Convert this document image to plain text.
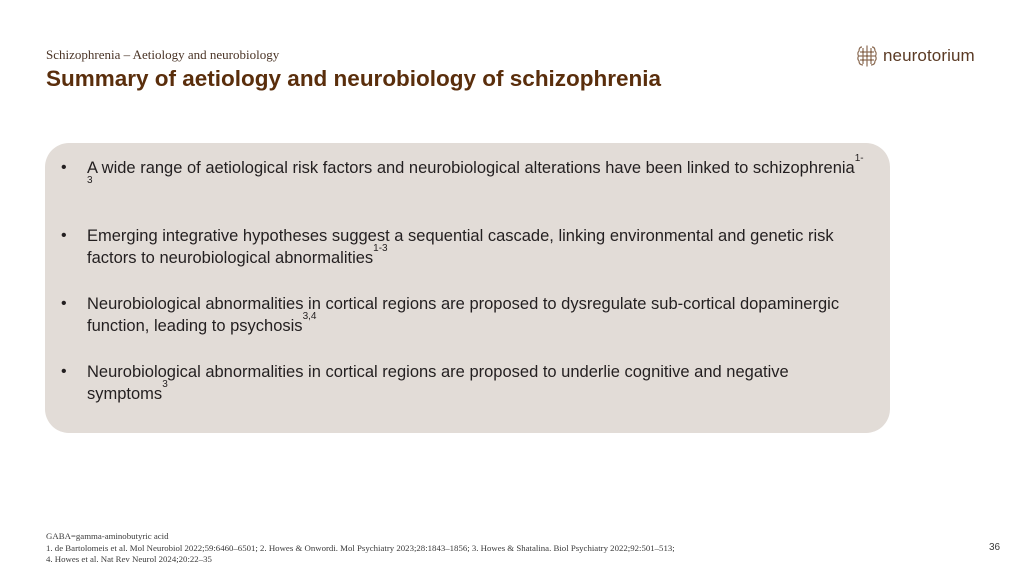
Schizophrenia – Aetiology and neurobiology
Summary of aetiology and neurobiology of schizophrenia
neurotorium
• A wide range of aetiological risk factors and neurobiological alterations have been linked to schizophrenia$^{1-3}$
• Emerging integrative hypotheses suggest a sequential cascade, linking environmental and genetic risk factors to neurobiological abnormalities$^{1-3}$
• Neurobiological abnormalities in cortical regions are proposed to dysregulate sub-cortical dopaminergic function, leading to psychosis$^{3,4}$
• Neurobiological abnormalities in cortical regions are proposed to underlie cognitive and negative symptoms$^3$
GABA=gamma-aminobutyric acid
1. de Bartolomeis et al. Mol Neurobiol 2022;59:6460–6501; 2. Howes & Onwordi. Mol Psychiatry 2023;28:1843–1856; 3. Howes & Shatalina. Biol Psychiatry 2022;92:501–513;
4. Howes et al. Nat Rev Neurol 2024;20:22–35
36
